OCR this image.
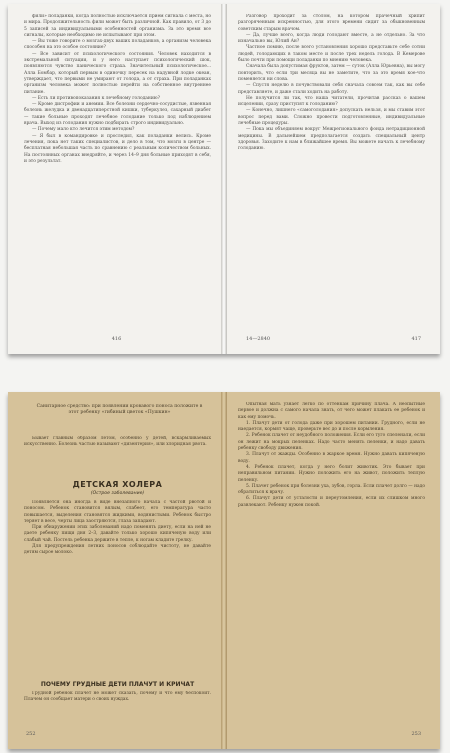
фили» поладанки, когда полностью исключается прием сигнала с места, но и мира. Продолжительность фили может быть различной. Как правило, от 3 до 5 записей за индивидуальными особенностей организма. За это время все сигналы, которые необходимо не испытывают при этом.

— Вы тоже говорите о мозгах-двух ваших поладанков, а организм человека способен на это особое состояние?

— Все зависит от психологического состояния. Человек находится в экстремальной ситуации, и у него наступает психологический шок, появляются чувство панического страха. Значительный психологическое... Алла Бомбар, который первым в одиночку пересек на надувной лодке океан, утверждает, что первыми не умирают от голода, а от страха. При поладанках организм человека может полностью перейти на собственное внутреннее питание.

— Есть ли противопоказания к лечебному голоданию?

— Кроме дистрофии и анемии. Все болезни сердечно-сосудистые, язвенная болезнь желудка и двенадцатиперстной кишки, туберкулез, сахарный диабет — такие больные проходят лечебное голодание только под наблюдением врача. Выход из голодания нужно подбирать строго индивидуально.

— Почему мало кто лечится этим методом?

— Я был в командировке и проследил, как поладанки велись. Кроме лечения, пока нет таких специалистов, и дело в том, что мозги в центре — бесплатная небольшая часть по сравнению с реальным количеством больных. На постоянных органах внедряйте, и через 14–9 дня больные приходят в себя, и это результат.

416

Разговор проходит за столом, на котором прачечный хрипит разгоряченным искренностью, для этого времени сидит за обыкновенным советским старым врачом.

— Да, лучше всего, когда люди голодают вместе, а не отдельно. За что изначально вы, Юлий Ан?

Частное помню, после всего установления хорошо представьте себе сотни людей, голодающих в таком месте и после трех недель голода. В Кемерове было почти при помощи поладанки по мнению человека.

Сначала была допустимая фруктов, затем — суток (Алла Юрьевна), вы могу повторить, что если три месяца вы не заметите, что за это время кое-что поменяется ни слова.

— Спустя неделю в почувствовали себя сначала совсем так, как вы себе представляете, и даже стали ходить на работу.

Не получится ли так, что наша читатели, прочитав рассказ о вашем исцелении, сразу приступят к голоданию?

— Конечно, лишнего «самоголодания» допускать нельзя, и мы ставим этот вопрос перед вами. Сложно провести подготовленные, индивидуальные лечебные процедуры.

— Пока мы объединяем вокруг Межрегионального фонда нетрадиционной медицины. В дальнейшем предполагается создать специальный центр здоровья. Заходите к нам в ближайшее время. Вы можете начать к лечебному голоданию.

14—2840	417
Санитарное средство: при появлении кровавого поноса положите в этот ребенку «гибиный цветок «Пушкин»

Бывает главным образом летом, особенно у детей, вскармливаемых искусственно. Болезнь частью называют «дизентерия», или хлоридная рвота.

ДЕТСКАЯ ХОЛЕРА
(Острое заболевание)

Появляется она иногда в виде внезапного начала с частой рвотой и поносом. Ребенок становится вялым, слабеет, его температура часто повышается, выделения становятся жидкими, водянистыми. Ребенок быстро теряет в весе, черты лица заостряются, глаза западают.

При обнаружении этих заболеваний надо поменять диету, если на ней не даете ребенку пищи дня 2–3, давайте только хорошо кипяченую воду или слабый чай. Постель ребенка держите в тепле, к ногам кладите грелку.

Для предупреждения летних поносов соблюдайте чистоту, не давайте детям сырое молоко.

ПОЧЕМУ ГРУДНЫЕ ДЕТИ ПЛАЧУТ И КРИЧАТ

Грудной ребенок плачет не может сказать, почему и что ему беспокоит. Плачем он сообщает матери о своих нуждах.

252

Опытная мать узнает легко по оттенкам причину плача. А неопытные первое и должна с самого начала знать, от чего может плакать ее ребенок и как ему помочь.

1. Плачут дети от голода даже при хорошем питании. Грудного, если не наедается, кормят чаще, проверьте вес до и после кормления.

2. Ребенок плачет от неудобного положения. Если его туго спеленали, если он лежит на мокрых пеленках. Надо часто менять пеленки, и надо давать ребенку свободу движения.

3. Плачут от жажды. Особенно в жаркое время. Нужно давать кипяченую воду.

4. Ребенок плачет, когда у него болит животик. Это бывает при неправильном питании. Нужно положить его на живот, положить теплую пеленку.

5. Плачет ребенок при болезни уха, зубов, горла. Если плачет долго — надо обратиться к врачу.

6. Плачут дети от усталости и переутомления, если их слишком много развлекают. Ребенку нужен покой.

253
